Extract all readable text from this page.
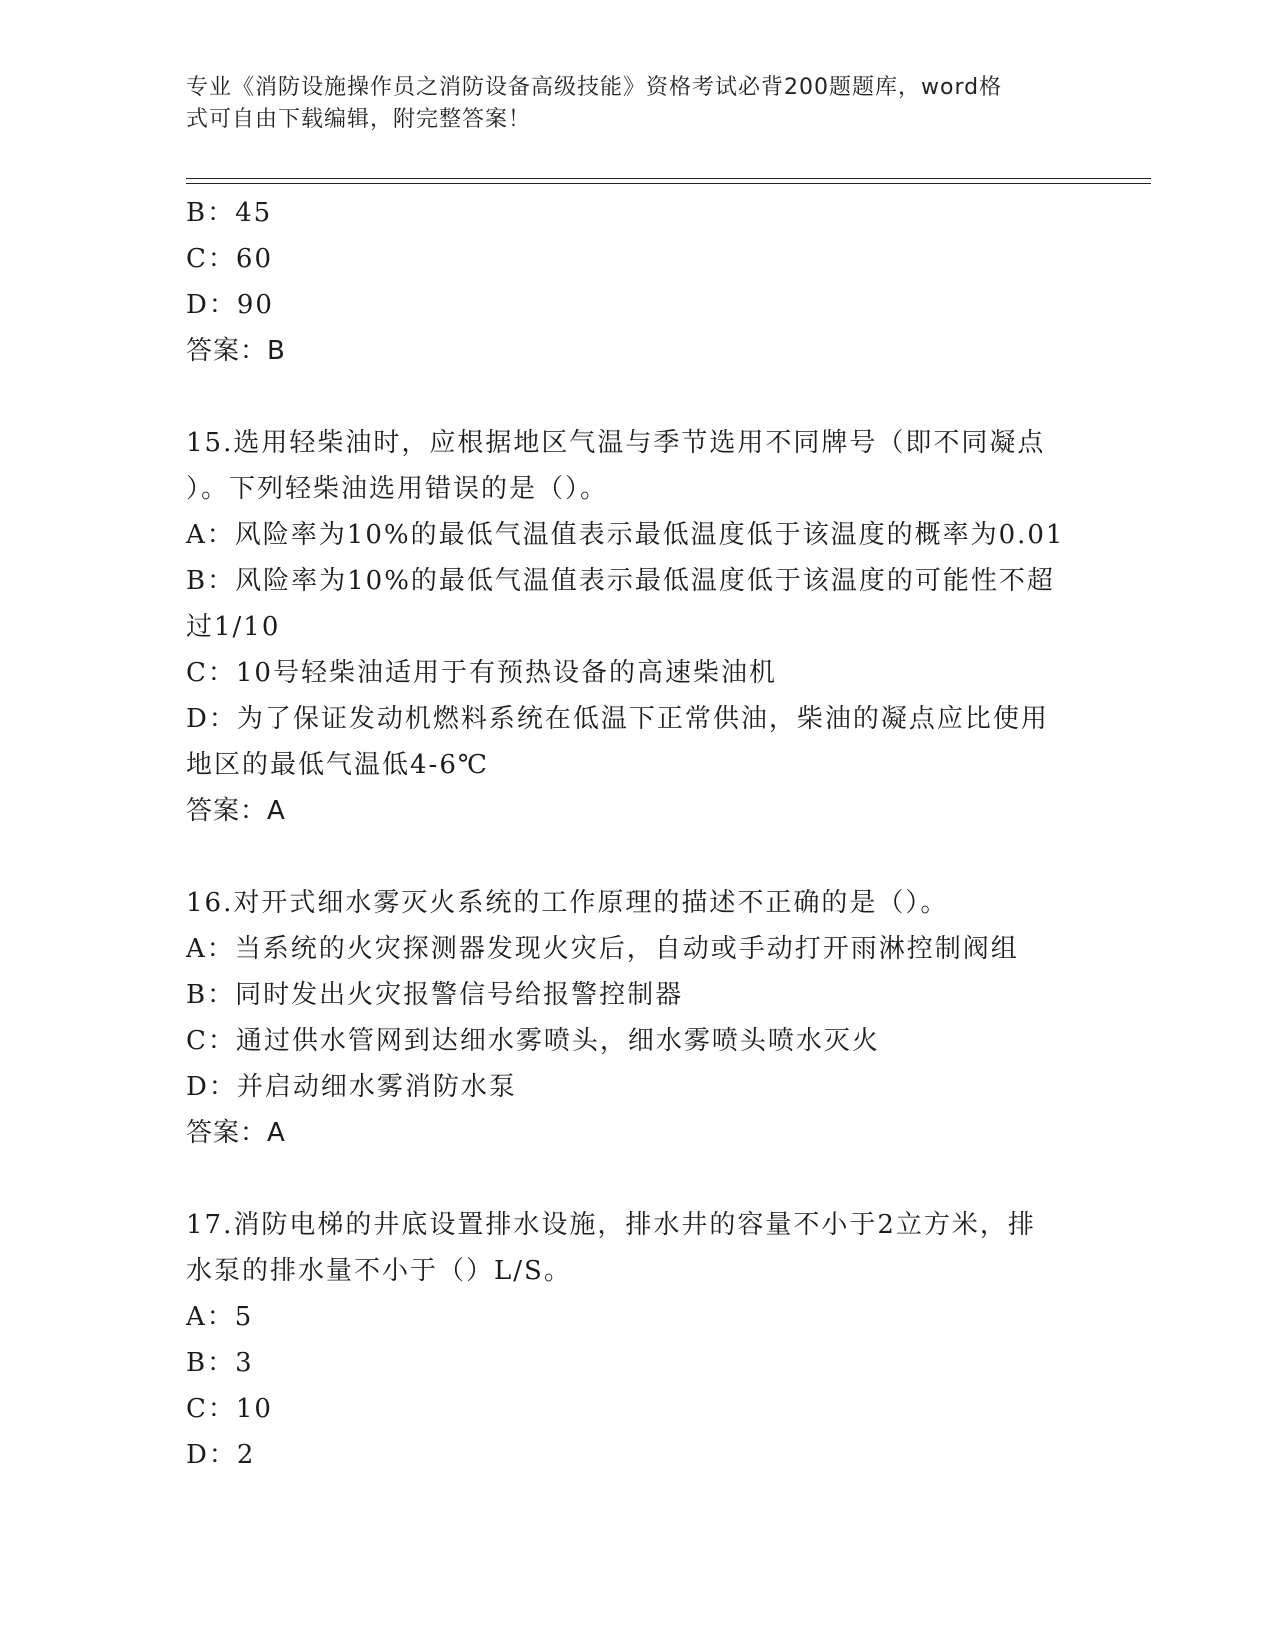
专业《消防设施操作员之消防设备高级技能》资格考试必背200题题库，word格
式可自由下载编辑，附完整答案！
B：45
C：60
D：90
答案：B
15.选用轻柴油时，应根据地区气温与季节选用不同牌号（即不同凝点
）。下列轻柴油选用错误的是（）。
A：风险率为10%的最低气温值表示最低温度低于该温度的概率为0.01
B：风险率为10%的最低气温值表示最低温度低于该温度的可能性不超
过1/10
C：10号轻柴油适用于有预热设备的高速柴油机
D：为了保证发动机燃料系统在低温下正常供油，柴油的凝点应比使用
地区的最低气温低4-6℃
答案：A
16.对开式细水雾灭火系统的工作原理的描述不正确的是（）。
A：当系统的火灾探测器发现火灾后，自动或手动打开雨淋控制阀组
B：同时发出火灾报警信号给报警控制器
C：通过供水管网到达细水雾喷头，细水雾喷头喷水灭火
D：并启动细水雾消防水泵
答案：A
17.消防电梯的井底设置排水设施，排水井的容量不小于2立方米，排
水泵的排水量不小于（）L/S。
A：5
B：3
C：10
D：2
